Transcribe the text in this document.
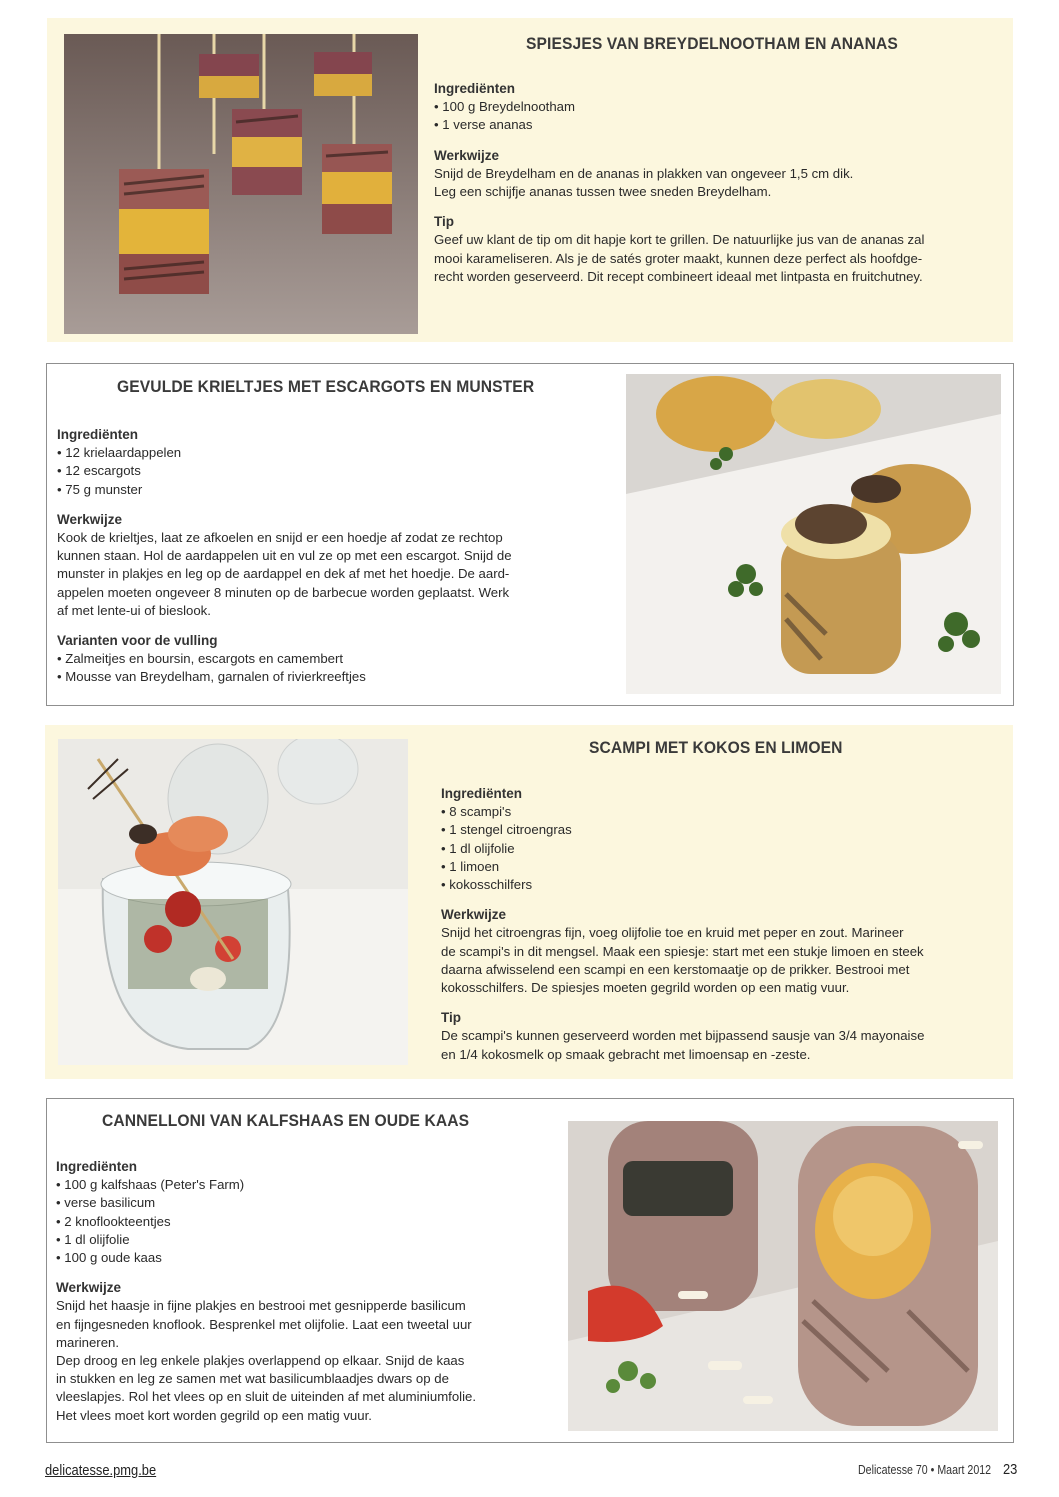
SPIESJES VAN BREYDELNOOTHAM EN ANANAS
Ingrediënten
• 100 g Breydelnootham
• 1 verse ananas
Werkwijze

Snijd de Breydelham en de ananas in plakken van ongeveer 1,5 cm dik.

Leg een schijfje ananas tussen twee sneden Breydelham.

Tip

Geef uw klant de tip om dit hapje kort te grillen. De natuurlijke jus van de ananas zal

mooi karameliseren. Als je de satés groter maakt, kunnen deze perfect als hoofdge-

recht worden geserveerd. Dit recept combineert ideaal met lintpasta en fruitchutney.

GEVULDE KRIELTJES MET ESCARGOTS EN MUNSTER
Ingrediënten
• 12 krielaardappelen
• 12 escargots
• 75 g munster
Werkwijze

Kook de krieltjes, laat ze afkoelen en snijd er een hoedje af zodat ze rechtop

kunnen staan. Hol de aardappelen uit en vul ze op met een escargot. Snijd de

munster in plakjes en leg op de aardappel en dek af met het hoedje. De aard-

appelen moeten ongeveer 8 minuten op de barbecue worden geplaatst. Werk

af met lente-ui of bieslook.

Varianten voor de vulling
• Zalmeitjes en boursin, escargots en camembert
• Mousse van Breydelham, garnalen of rivierkreeftjes
SCAMPI MET KOKOS EN LIMOEN
Ingrediënten
• 8 scampi's
• 1 stengel citroengras
• 1 dl olijfolie
• 1 limoen
• kokosschilfers
Werkwijze

Snijd het citroengras fijn, voeg olijfolie toe en kruid met peper en zout. Marineer

de scampi's in dit mengsel. Maak een spiesje: start met een stukje limoen en steek

daarna afwisselend een scampi en een kerstomaatje op de prikker. Bestrooi met

kokosschilfers. De spiesjes moeten gegrild worden op een matig vuur.

Tip

De scampi's kunnen geserveerd worden met bijpassend sausje van 3/4 mayonaise

en 1/4 kokosmelk op smaak gebracht met limoensap en -zeste.

CANNELLONI VAN KALFSHAAS EN OUDE KAAS
Ingrediënten
• 100 g kalfshaas (Peter's Farm)
• verse basilicum
• 2 knoflookteentjes
• 1 dl olijfolie
• 100 g oude kaas
Werkwijze

Snijd het haasje in fijne plakjes en bestrooi met gesnipperde basilicum

en fijngesneden knoflook. Besprenkel met olijfolie. Laat een tweetal uur

marineren.

Dep droog en leg enkele plakjes overlappend op elkaar. Snijd de kaas

in stukken en leg ze samen met wat basilicumblaadjes dwars op de

vleeslapjes. Rol het vlees op en sluit de uiteinden af met aluminiumfolie.

Het vlees moet kort worden gegrild op een matig vuur.

delicatesse.pmg.be	Delicatesse 70 • Maart 2012 23
